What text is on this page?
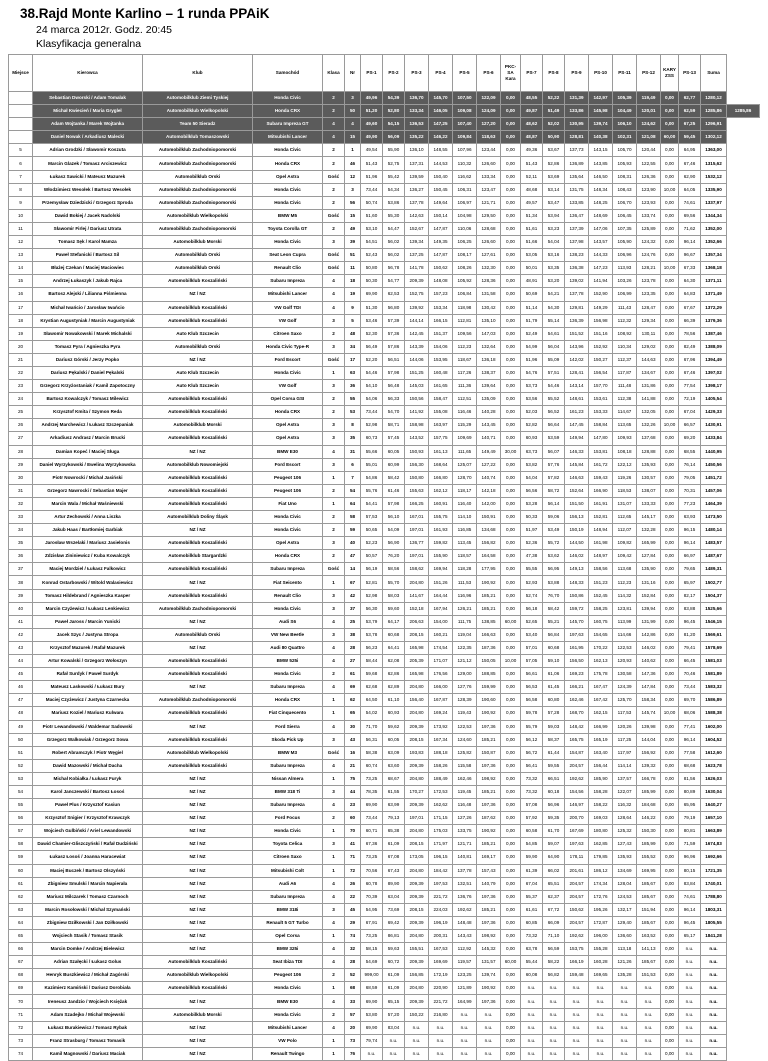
38.Rajd Monte Karlino – 1 runda PPAiK
24 marca 2012r. Godz. 20:45
Klasyfikacja generalna
Miejsce	Kierowca	Klub	Samochód	Klasa	Nr	PS-1	PS-2	PS-3	PS-4	PS-5	PS-6	PKC-SA Kara	PS-7	PS-8	PS-9	PS-10	PS-11	PS-12	KARY ZSS	PS-13	Suma	
	Sebastian Dworski / Adam Tomalak	Automobilklub Ziemi Tyskiej	Honda Civic	2	3	49,96	54,39	136,70	145,70	107,50	122,09	0,00	48,55	52,22	131,39	142,97	105,39	119,49	0,00	62,77	1280,12	
	Michał Kwiecień / Maria Gryglel	Automobilklub Wielkopolski	Honda CRX	2	50	51,20	52,80	133,34	146,05	109,08	124,09	0,00	49,87	51,49	133,86	145,98	104,49	120,01	0,00	62,59	1285,86	1285,86
	Adam Wojtanka / Marek Wojtanka	Team 50 Sieradz	Subaru Impreza GT	4	4	49,60	54,15	136,53	147,25	107,40	127,20	0,00	48,62	52,02	130,95	139,74	106,10	124,62	0,00	67,25	1296,91	
	Daniel Nowak / Arkadiusz Malecki	Automobilklub Tomaszowski	Mitsubishi Lancer	4	15	49,90	56,09	135,22	146,22	109,84	118,63	0,00	48,87	50,90	128,81	140,38	102,31	121,08	60,00	59,45	1302,12	
5	Adrian Grodzki / Sławomir Koszuta	Automobilklub Zachodniopomorski	Honda Civic	2	1	49,54	55,90	136,10	148,55	107,96	123,44	0,00	49,36	53,67	137,73	143,15	105,70	120,44	0,00	64,95	1363,00	
6	Marcin Glazek / Tomasz Arciszewicz	Automobilklub Zachodniopomorski	Honda CRX	2	46	51,43	52,75	137,31	144,53	110,32	126,60	0,00	51,43	52,86	136,89	143,85	105,93	122,55	0,00	67,46	1315,62	
7	Łukasz Sawicki / Mateusz Mazurek	Automobilklub Orski	Opel Astra	Gość	12	51,96	55,42	139,59	150,40	116,62	133,34	0,00	52,11	53,69	135,64	146,50	108,31	126,36	0,00	62,90	1532,12	
8	Włodzimierz Wesołek / Bartosz Wesołek	Automobilklub Zachodniopomorski	Honda Civic	2	3	73,44	54,34	136,27	150,45	106,31	123,47	0,00	48,68	53,14	131,75	148,34	108,43	123,90	10,00	64,05	1335,90	
9	Przemysław Dziedzicki / Grzegorz Sproda	Automobilklub Zachodniopomorski	Honda Civic	2	56	50,74	53,86	137,78	149,64	106,97	121,71	0,00	49,57	53,47	133,85	148,25	106,70	123,93	0,00	74,61	1337,97	
10	Dawid Bokiej / Jacek Nadolski	Automobilklub Wielkopolski	BMW M5	Gość	15	51,60	55,30	142,63	150,14	104,98	129,50	0,00	51,34	53,94	136,47	148,69	106,45	133,74	0,00	69,56	1344,34	
11	Sławomir Firlej / Dariusz Utrata	Automobilklub Zachodniopomorski	Toyota Corolla GT	2	49	53,10	54,47	152,67	147,87	110,06	128,68	0,00	51,61	53,23	137,39	147,06	107,35	125,89	0,00	71,62	1352,00	
12	Tomasz Sęk / Karol Mamza	Automobilklub Morski	Honda Civic	3	39	54,51	56,02	139,34	149,35	106,25	126,60	0,00	51,66	54,04	137,98	143,57	105,90	124,32	0,00	96,14	1352,66	
13	Paweł Stefanicki / Bartosz Sil	Automobilklub Orski	Seat Leon Cupra	Gość	51	52,43	56,02	137,25	147,87	108,17	127,61	0,00	53,05	53,16	138,23	144,33	106,96	124,76	0,00	96,67	1357,34	
14	Błażej Czekan / Maciej Maciowiec	Automobilklub Orski	Renault Clio	Gość	11	50,80	56,78	141,78	150,62	108,26	132,30	0,00	50,01	53,35	136,38	147,23	113,93	128,21	10,00	67,33	1368,18	
15	Andrzej Łukaszyk / Jakub Rajca	Automobilklub Koszaliński	Subaru Impreza	4	18	50,30	54,77	209,39	148,08	105,92	128,36	0,00	48,91	53,20	139,02	141,94	103,26	123,78	0,00	64,30	1371,11	
16	Bartosz Alejski / Lilianna Piśmienna	NZ / NZ	Mitsubishi Lancer	4	19	69,90	62,53	152,75	157,23	106,84	131,58	0,00	50,69	54,21	137,78	152,90	106,99	123,35	0,00	64,83	1371,49	
17	Michał Iwańcio / Jarosław Iwańcio	Automobilklub Koszaliński	VW Golf TDI	4	9	51,30	56,80	139,92	153,34	118,98	130,42	0,00	51,14	54,30	129,81	149,29	111,43	128,47	0,00	67,67	1372,29	
18	Krystian Augustyniak / Marcin Augustyniak	Automobilklub Koszaliński	VW Golf	3	5	53,46	57,39	144,14	166,15	112,81	135,10	0,00	51,79	55,14	136,39	156,98	112,32	129,34	0,00	66,39	1379,36	
19	Sławomir Nowakowski / Marek Michalski	Auto Klub Szczecin	Citroen Saxo	2	48	52,30	57,36	142,45	151,37	109,56	147,03	0,00	52,49	54,61	151,52	151,16	108,92	130,11	0,00	78,56	1387,46	
20	Tomasz Pyra / Agnieszka Pyra	Automobilklub Orski	Honda Civic Type-R	3	34	56,49	57,86	143,39	154,06	112,23	132,64	0,00	54,99	56,04	143,96	152,92	110,34	129,02	0,00	82,49	1388,09	
21	Dariusz Górski / Jerzy Popko	NZ / NZ	Ford Escort	Gość	17	52,20	56,51	144,06	153,95	118,67	136,18	0,00	51,96	55,09	142,02	150,27	112,37	144,63	0,00	67,96	1394,49	
22	Dariusz Pękalski / Daniel Pękalski	Auto Klub Szczecin	Honda Civic	1	63	54,46	57,98	151,25	160,48	117,26	138,37	0,00	54,76	57,51	128,41	156,54	117,87	134,67	0,00	67,46	1397,02	
23	Grzegorz Krzyżostaniak / Kamil Zapotoczny	Auto Klub Szczecin	VW Golf	3	36	54,10	56,48	145,03	161,65	111,36	139,64	0,00	53,73	54,46	143,14	157,70	111,48	131,86	0,00	77,54	1398,17	
24	Bartosz Kowalczyk / Tomasz Milewicz	Automobilklub Koszaliński	Opel Corsa GSI	2	55	54,06	56,33	150,56	158,47	112,51	135,09	0,00	53,56	55,52	148,61	153,61	112,38	141,88	0,00	72,19	1405,54	
25	Krzysztof Kmita / Szymon Reda	Automobilklub Koszaliński	Honda CRX	2	53	73,44	54,70	141,92	155,08	116,46	140,28	0,00	52,03	56,52	161,23	153,33	114,67	132,05	0,00	67,04	1429,33	
26	Andrzej Marchewicz / Łukasz Szczepaniak	Automobilklub Morski	Opel Astra	3	8	52,98	58,71	158,98	163,97	115,29	143,45	0,00	52,82	56,64	147,45	158,84	113,65	132,26	10,00	66,57	1430,91	
27	Arkadiusz Andrasz / Marcin Brucki	Automobilklub Koszaliński	Opel Astra	3	35	60,73	57,45	143,52	157,75	109,69	140,71	0,00	60,93	53,59	149,94	147,80	109,93	137,68	0,00	69,20	1433,84	
28	Damian Kopeć / Maciej Sługa	NZ / NZ	BMW E30	4	31	55,66	60,05	150,93	161,13	111,65	149,49	30,00	63,73	56,07	146,33	153,81	108,18	128,88	0,00	68,55	1440,95	
29	Daniel Wyrzykowski / Ewelina Wyrzykowska	Automobilklub Nowomiejski	Ford Escort	3	6	55,01	60,99	156,30	168,64	125,07	127,22	0,00	53,82	57,76	145,84	161,72	122,12	135,93	0,00	76,14	1450,56	
30	Piotr Nowrocki / Michał Jasiński	Automobilklub Koszaliński	Peugeot 106	1	7	54,86	58,42	150,80	166,80	128,70	140,74	0,00	54,04	57,82	146,63	159,43	119,26	130,57	0,00	79,05	1451,72	
31	Grzegorz Nawrocki / Sebastian Majer	Automobilklub Koszaliński	Peugeot 106	2	54	55,76	61,46	155,63	162,12	118,17	142,18	0,00	56,56	58,72	152,64	166,90	118,53	138,07	0,00	70,31	1457,06	
32	Marcin Wala / Michał Waśniewski	Automobilklub Koszaliński	Fiat Uno	1	64	54,41	57,98	166,25	160,91	116,40	142,00	0,00	53,28	56,14	151,50	161,91	131,07	133,33	0,00	77,23	1464,39	
33	Artur Zechowski / Anna Liszka	Automobilklub Doliny Śląsk	Honda Civic	2	58	57,53	56,10	167,01	155,75	114,10	150,91	0,00	50,33	59,06	156,13	152,81	112,65	145,17	0,00	63,93	1473,50	
34	Jakub Haas / Bartłomiej Garbiak	NZ / NZ	Honda Civic	2	59	50,65	54,09	197,01	161,93	116,85	134,68	0,00	51,97	53,49	150,19	148,94	112,07	132,28	0,00	96,15	1480,14	
35	Jarosław Wszelaki / Mariusz Jasielonis	Automobilklub Koszaliński	Opel Astra	3	40	52,23	56,90	136,77	159,82	113,45	156,82	0,00	52,36	55,72	144,50	161,98	109,82	165,99	0,00	96,14	1483,57	
36	Zdzisław Zininiewicz / Kuba Kowalczyk	Automobilklub Stargardzki	Honda CRX	2	47	50,57	76,20	197,01	155,90	118,57	164,58	0,00	47,38	53,62	146,02	148,97	109,42	127,84	0,00	66,97	1487,67	
37	Maciej Mordziel / Łukasz Falkowicz	Automobilklub Koszaliński	Subaru Impreza	Gość	14	56,19	58,56	158,62	169,94	118,28	177,95	0,00	55,55	56,95	149,13	158,56	113,68	135,90	0,00	79,65	1489,31	
38	Konrad Ostarbowski / Witold Walasiewicz	NZ / NZ	Fiat Seicento	1	67	52,81	55,70	204,80	151,26	111,53	190,92	0,00	52,93	53,88	148,33	151,23	112,23	131,16	0,00	65,97	1502,77	
39	Tomasz Hildebrand / Agnieszka Kasper	Automobilklub Koszaliński	Renault Clio	3	42	52,98	58,03	141,67	164,44	116,96	185,21	0,00	52,74	76,70	150,86	152,45	114,32	152,84	0,00	82,17	1504,37	
40	Marcin Czyżewicz / Łukasz Lenkiewicz	Automobilklub Zachodniopomorski	Honda Civic	3	37	56,30	59,60	152,18	167,94	126,21	185,21	0,00	56,18	58,42	159,72	158,25	123,81	139,94	0,00	83,88	1525,66	
41	Paweł Jaross / Marcin Yunicki	NZ / NZ	Audi S6	4	25	53,79	64,17	206,63	154,00	111,75	138,85	60,00	52,65	55,21	145,70	160,75	113,99	131,99	0,00	96,45	1546,15	
42	Jacek Szyc / Justyna Stropa	Automobilklub Orski	VW New Beetle	3	38	53,78	60,68	208,15	160,21	119,04	166,63	0,00	53,40	56,84	197,63	154,65	114,66	142,86	0,00	81,20	1569,61	
43	Krzysztof Mazurek / Rafał Mazurek	NZ / NZ	Audi 80 Quattro	4	28	56,23	64,41	165,98	174,54	122,35	187,36	0,00	57,01	60,68	161,95	170,22	122,53	146,02	0,00	79,41	1578,69	
44	Artur Kowalski / Grzegorz Wołoszyn	Automobilklub Koszaliński	BMW 525i	4	27	58,44	62,08	205,39	171,07	121,12	150,05	10,00	57,05	59,10	156,50	162,13	120,93	140,62	0,00	66,45	1581,03	
45	Rafał Surdyk / Paweł Surdyk	Automobilklub Koszaliński	Honda Civic	2	61	59,68	62,86	165,98	176,56	129,00	188,85	0,00	56,61	61,06	169,23	175,78	130,58	147,36	0,00	70,46	1581,89	
46	Mateusz Laskowski / Łukasz Bury	NZ / NZ	Subaru Impreza	4	69	62,68	62,89	204,80	166,00	127,76	159,99	0,00	56,53	61,45	166,21	167,47	124,39	147,84	0,00	73,44	1583,32	
47	Maciej Czyżewicz / Justyna Czarnecka	Automobilklub Zachodniopomorski	Honda CRX	1	62	64,50	61,10	156,40	167,87	128,39	190,60	0,00	56,58	60,80	162,46	167,42	125,70	158,34	0,00	69,70	1586,89	
48	Mariusz Koziel / Mariusz Kulwara	Automobilklub Koszaliński	Fiat Cinquecento	1	65	54,02	60,93	204,80	169,24	119,43	190,92	0,00	59,78	57,28	168,70	162,15	117,53	145,74	10,00	68,06	1588,38	
49	Piotr Lewandowski / Waldemar Sadowski	NZ / NZ	Ford Sierra	4	30	71,70	59,62	209,39	173,92	122,53	197,36	0,00	55,79	59,03	148,42	166,99	120,26	139,98	0,00	77,41	1602,00	
50	Grzegorz Walkowiak / Grzegorz Sowa	Automobilklub Koszaliński	Skoda Pick Up	3	43	56,31	60,05	208,15	167,34	124,60	185,21	0,00	56,12	58,37	165,75	165,19	117,25	144,04	0,00	96,14	1604,52	
51	Robert Abramczyk / Piotr Węgiel	Automobilklub Wielkopolski	BMW M3	Gość	16	58,38	63,09	193,83	188,18	125,82	150,87	0,00	56,72	61,44	154,87	163,40	117,97	156,92	0,00	77,58	1612,60	
52	Dawid Mazowski / Michał Dacha	Automobilklub Koszaliński	Subaru Impreza	4	21	60,74	63,60	209,39	158,26	115,58	197,36	0,00	56,41	59,55	204,57	156,44	114,14	139,32	0,00	68,68	1623,78	
53	Michał Kobiałka / Łukasz Furyk	NZ / NZ	Nissan Almera	1	75	73,25	68,67	204,80	188,49	162,46	198,92	0,00	73,32	66,51	192,62	185,90	137,57	166,78	0,00	81,56	1626,03	
54	Karol Janczewski / Bartosz Łosoś	NZ / NZ	BMW 318 Ti	3	44	78,35	61,55	170,27	172,53	119,45	185,21	0,00	73,32	60,18	154,56	158,28	122,07	185,99	0,00	80,89	1630,04	
55	Paweł Plus / Krzysztof Kasiun	NZ / NZ	Subaru Impreza	4	23	69,90	63,99	209,39	162,62	116,48	197,36	0,00	57,08	56,96	146,97	158,22	116,32	184,68	0,00	65,95	1640,27	
56	Krzysztof Snigier / Krzysztof Krawczyk	NZ / NZ	Ford Focus	2	60	73,44	79,13	197,01	171,15	127,26	187,62	0,00	57,92	59,35	200,70	169,03	128,64	146,22	0,00	79,19	1657,10	
57	Wojciech Gulbiński / Ariel Lewandowski	NZ / NZ	Honda Civic	1	70	60,71	65,38	204,80	175,03	133,75	190,92	0,00	60,58	61,70	167,69	180,80	125,32	150,30	0,00	80,81	1663,89	
58	Dawid Chamier-Gliszczyński / Rafał Dudziński	NZ / NZ	Toyota Celica	3	41	67,36	61,09	208,15	171,97	121,71	185,21	0,00	54,85	59,07	197,63	162,85	127,43	185,99	0,00	71,59	1674,83	
59	Łukasz Łosoś / Joanna Haracewiat	NZ / NZ	Citroen Saxo	1	71	73,25	67,08	173,05	196,15	140,81	169,17	0,00	59,90	64,90	178,11	179,85	135,93	155,52	0,00	96,96	1692,66	
60	Maciej Buczek / Bartosz Olszyński	NZ / NZ	Mitsubishi Colt	1	72	70,56	67,43	204,80	184,42	137,78	157,43	0,00	61,39	66,02	201,61	186,12	134,69	169,95	0,00	80,15	1721,35	
61	Zbigniew Smulski / Marcin Napierała	NZ / NZ	Audi A6	4	26	60,78	89,90	209,39	197,53	132,51	140,79	0,00	67,04	65,51	204,57	174,34	128,04	185,67	0,00	83,84	1740,01	
62	Mariusz Milczarek / Tomasz Czarnoch	NZ / NZ	Subaru Impreza	4	22	70,39	63,04	209,39	221,72	136,76	197,36	0,00	55,37	62,37	204,57	172,76	124,53	185,67	0,00	74,61	1788,80	
63	Marcin Rosołowski / Michał Szymański	NZ / NZ	BMW 318i	3	45	54,95	73,69	208,15	224,03	192,62	185,21	0,00	61,61	67,72	150,62	195,26	132,17	151,94	0,00	96,14	1803,31	
64	Zbigniew Dziłkowski / Jan Dziłkowski	NZ / NZ	Renault 5 GT Turbo	4	29	67,91	69,42	209,39	196,19	148,48	197,36	0,00	60,85	66,09	204,57	172,87	129,40	185,67	0,00	96,45	1805,55	
65	Wojciech Stasik / Tomasz Stasik	NZ / NZ	Opel Corsa	1	74	73,25	86,81	204,80	200,31	143,43	198,92	0,00	73,32	71,10	192,62	196,00	136,60	163,52	0,00	65,17	1841,28	
66	Marcin Domke / Andrzej Bielewicz	NZ / NZ	BMW 325i	4	32	58,15	59,63	155,51	167,53	112,92	145,32	0,00	63,78	56,59	153,75	155,28	113,18	141,13	0,00	n.u.	n.u.	
67	Adrian Szałęcki / Łukasz Golus	Automobilklub Koszaliński	Seat Ibiza TDI	4	28	54,69	60,72	209,39	169,69	119,57	131,57	60,00	55,44	58,22	166,19	160,28	121,26	185,67	0,00	n.u.	n.u.	
68	Henryk Buszkiewicz / Michał Zagórski	Automobilklub Wielkopolski	Peugeot 106	2	52	999,00	61,09	156,85	172,19	123,25	139,74	0,00	60,08	56,82	159,48	169,65	135,28	151,53	0,00	n.u.	n.u.	
69	Kazimierz Kamiński / Dariusz Dorobiała	Automobilklub Koszaliński	Honda Civic	1	68	68,59	61,09	204,80	220,90	121,89	190,92	0,00	n.u.	n.u.	n.u.	n.u.	n.u.	n.u.	0,00	n.u.	n.u.	
70	Ireneusz Jandzio / Wojciech Księżak	NZ / NZ	BMW E30	4	33	69,90	65,15	209,39	221,72	164,99	197,36	0,00	n.u.	n.u.	n.u.	n.u.	n.u.	n.u.	0,00	n.u.	n.u.	
71	Adam Szadejko / Michał Wojewski	Automobilklub Morski	Honda Civic	2	57	53,80	57,20	150,22	216,80	n.u.	n.u.	0,00	n.u.	n.u.	n.u.	n.u.	n.u.	n.u.	0,00	n.u.	n.u.	
72	Łukasz Burakiewicz / Tomasz Rybak	NZ / NZ	Mitsubishi Lancer	4	20	69,90	83,04	n.u.	n.u.	n.u.	n.u.	0,00	n.u.	n.u.	n.u.	n.u.	n.u.	n.u.	0,00	n.u.	n.u.	
73	Franz Strasburg / Tomasz Tomasik	NZ / NZ	VW Polo	1	73	79,74	n.u.	n.u.	n.u.	n.u.	n.u.	0,00	n.u.	n.u.	n.u.	n.u.	n.u.	n.u.	0,00	n.u.	n.u.	
74	Kamil Magnowski / Dariusz Maciak	NZ / NZ	Renault Twingo	1	76	n.u.	n.u.	n.u.	n.u.	n.u.	n.u.	0,00	n.u.	n.u.	n.u.	n.u.	n.u.	n.u.	0,00	n.u.	n.u.	
